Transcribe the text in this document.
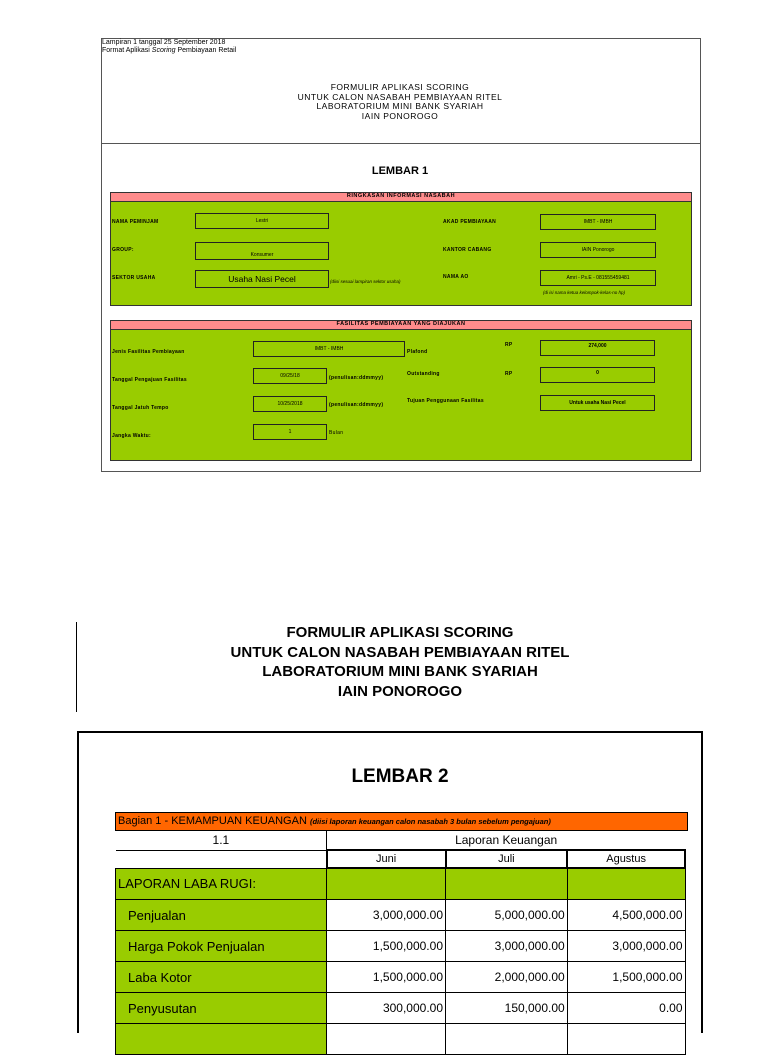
Lampiran 1 tanggal 25 September 2018
Format Aplikasi Scoring Pembiayaan Retail
FORMULIR APLIKASI SCORING
UNTUK CALON NASABAH PEMBIAYAAN RITEL
LABORATORIUM MINI BANK SYARIAH
IAIN PONOROGO
LEMBAR 1
RINGKASAN INFORMASI NASABAH
NAMA PEMINJAM	Lestri
GROUP:
Konsumer
SEKTOR USAHA	Usaha Nasi Pecel	(diisi sesuai lampiran sektor usaha)
AKAD PEMBIAYAAN	IMBT - IMBH
KANTOR CABANG	IAIN Ponorogo
NAMA AO	Amri - Ps.E - 081555459481
(di isi nama ketua kelompok-kelas-no hp)
FASILITAS PEMBIAYAAN YANG DIAJUKAN
Jenis Fasilitas Pembiayaan	IMBT - IMBH
Tanggal Pengajuan Fasilitas
09/25/18	(penulisan:ddmmyy)
Tanggal Jatuh Tempo
10/25/2018	(penulisan:ddmmyy)
Jangka Waktu:
1	Bulan
Plafond
RP	274,000
Outstanding	RP	0
Tujuan Penggunaan Fasilitas	Untuk usaha Nasi Pecel
FORMULIR APLIKASI SCORING
UNTUK CALON NASABAH PEMBIAYAAN RITEL
LABORATORIUM MINI BANK SYARIAH
IAIN PONOROGO
LEMBAR 2
Bagian 1 - KEMAMPUAN KEUANGAN (diisi laporan keuangan calon nasabah 3 bulan sebelum pengajuan)
1.1	Laporan Keuangan		
	Juni	Juli	Agustus
LAPORAN LABA RUGI:			
Penjualan	3,000,000.00	5,000,000.00	4,500,000.00
Harga Pokok Penjualan	1,500,000.00	3,000,000.00	3,000,000.00
Laba Kotor	1,500,000.00	2,000,000.00	1,500,000.00
Penyusutan	300,000.00	150,000.00	0.00
